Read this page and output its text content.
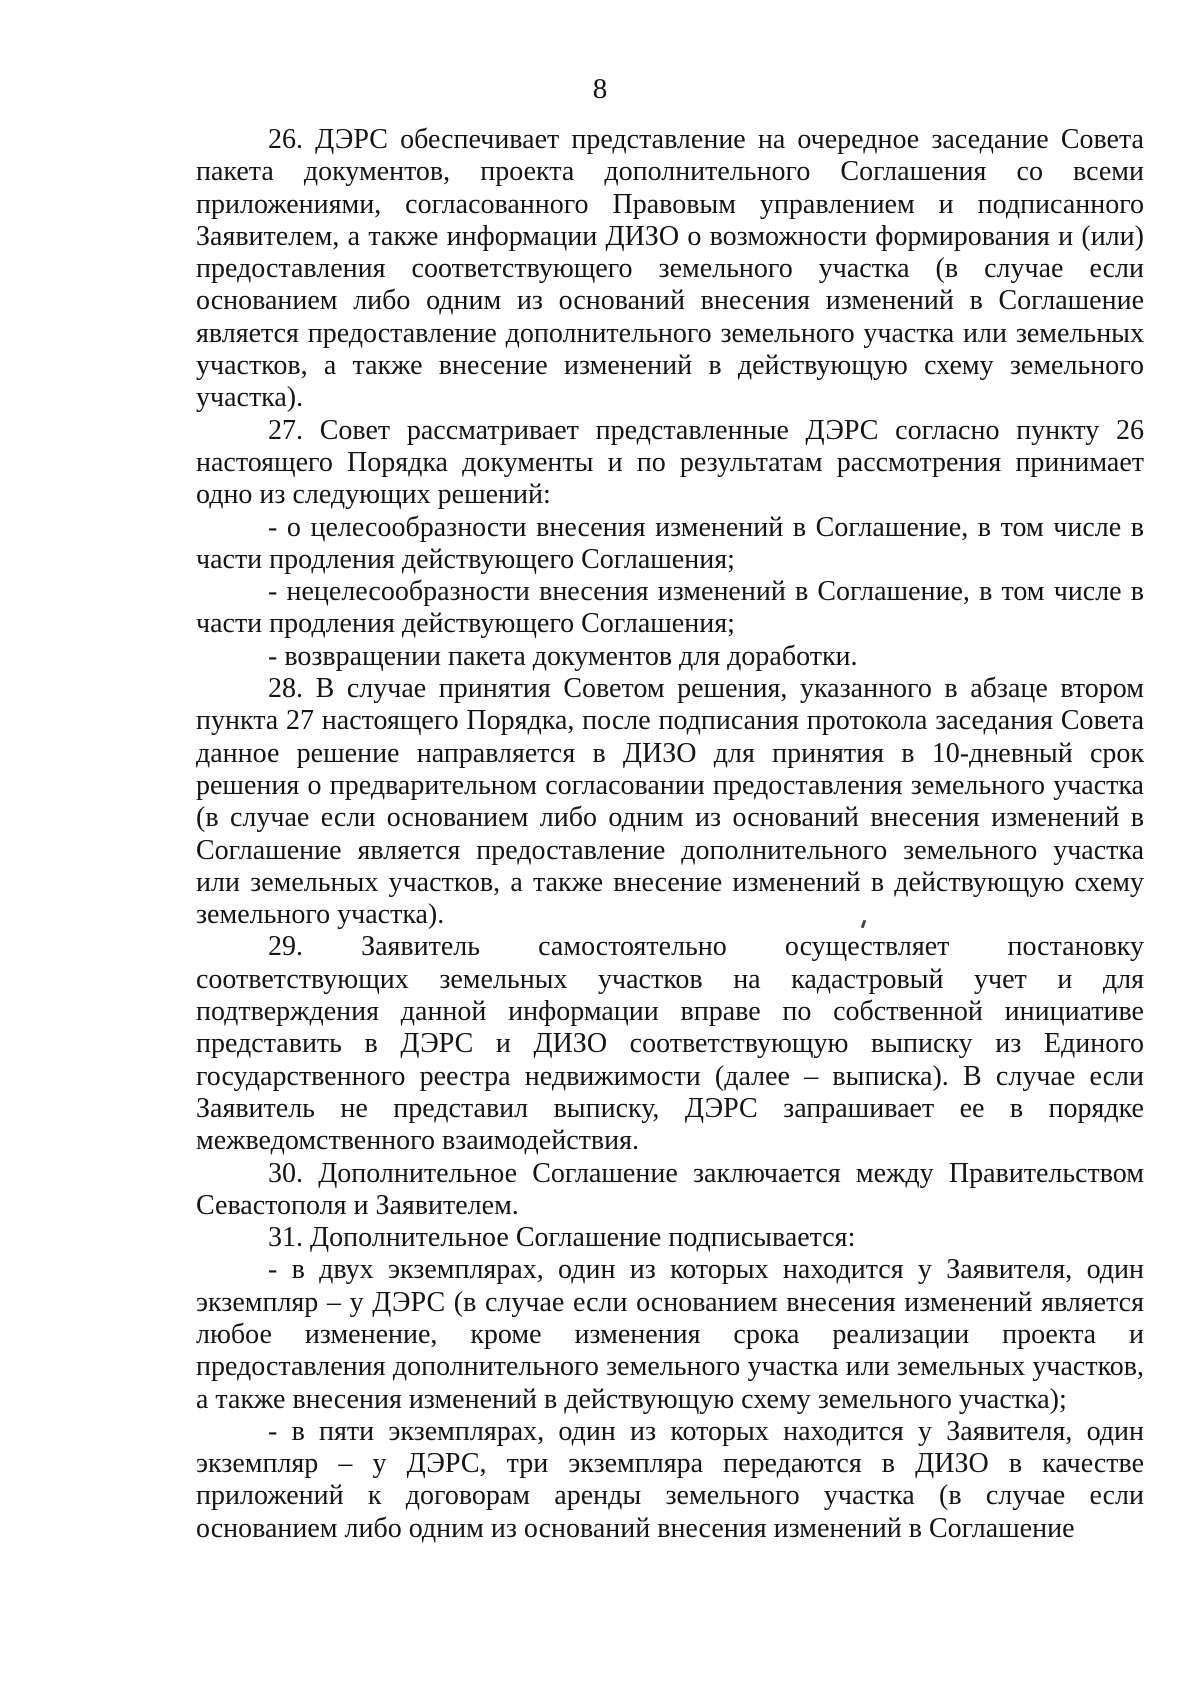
8

26. ДЭРС обеспечивает представление на очередное заседание Совета пакета документов, проекта дополнительного Соглашения со всеми приложениями, согласованного Правовым управлением и подписанного Заявителем, а также информации ДИЗО о возможности формирования и (или) предоставления соответствующего земельного участка (в случае если основанием либо одним из оснований внесения изменений в Соглашение является предоставление дополнительного земельного участка или земельных участков, а также внесение изменений в действующую схему земельного участка).

27. Совет рассматривает представленные ДЭРС согласно пункту 26 настоящего Порядка документы и по результатам рассмотрения принимает одно из следующих решений:

- о целесообразности внесения изменений в Соглашение, в том числе в части продления действующего Соглашения;

- нецелесообразности внесения изменений в Соглашение, в том числе в части продления действующего Соглашения;

- возвращении пакета документов для доработки.

28. В случае принятия Советом решения, указанного в абзаце втором пункта 27 настоящего Порядка, после подписания протокола заседания Совета данное решение направляется в ДИЗО для принятия в 10-дневный срок решения о предварительном согласовании предоставления земельного участка (в случае если основанием либо одним из оснований внесения изменений в Соглашение является предоставление дополнительного земельного участка или земельных участков, а также внесение изменений в действующую схему земельного участка).

29. Заявитель самостоятельно осуществляет постановку соответствующих земельных участков на кадастровый учет и для подтверждения данной информации вправе по собственной инициативе представить в ДЭРС и ДИЗО соответствующую выписку из Единого государственного реестра недвижимости (далее – выписка). В случае если Заявитель не представил выписку, ДЭРС запрашивает ее в порядке межведомственного взаимодействия.

30. Дополнительное Соглашение заключается между Правительством Севастополя и Заявителем.

31. Дополнительное Соглашение подписывается:

- в двух экземплярах, один из которых находится у Заявителя, один экземпляр – у ДЭРС (в случае если основанием внесения изменений является любое изменение, кроме изменения срока реализации проекта и предоставления дополнительного земельного участка или земельных участков, а также внесения изменений в действующую схему земельного участка);

- в пяти экземплярах, один из которых находится у Заявителя, один экземпляр – у ДЭРС, три экземпляра передаются в ДИЗО в качестве приложений к договорам аренды земельного участка (в случае если основанием либо одним из оснований внесения изменений в Соглашение
